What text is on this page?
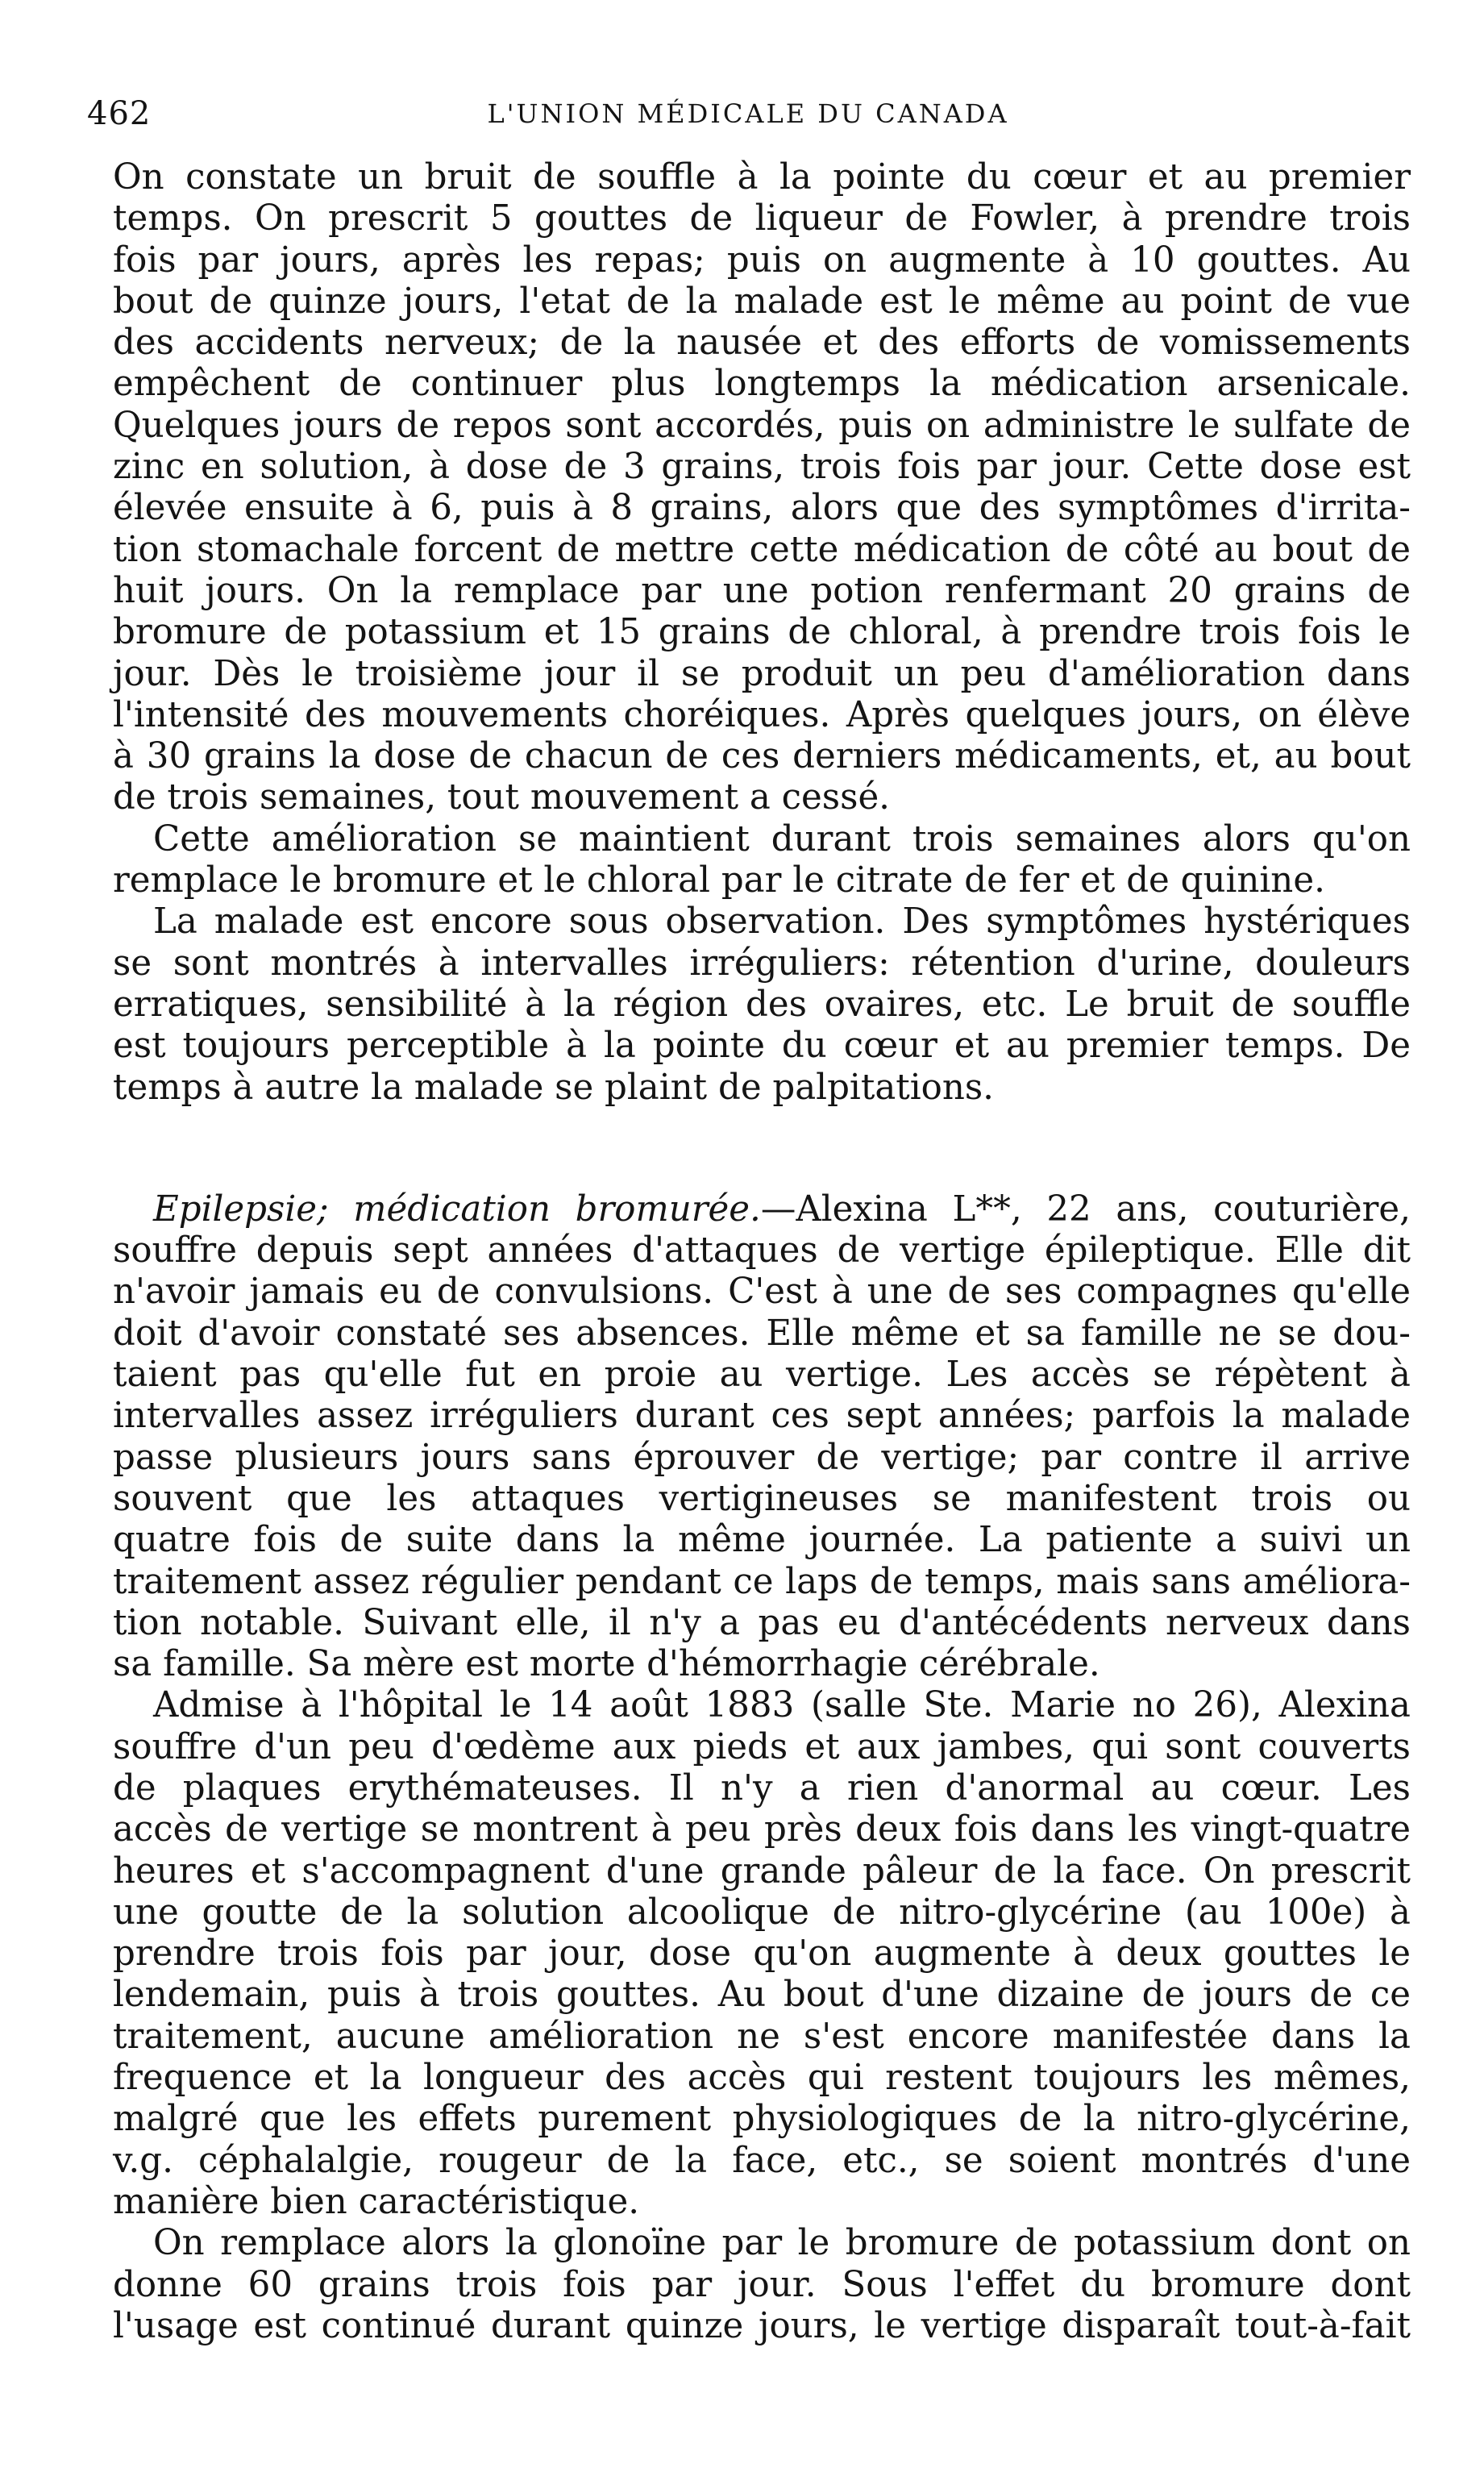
462	L'UNION MÉDICALE DU CANADA
On constate un bruit de souffle à la pointe du cœur et au premier
temps. On prescrit 5 gouttes de liqueur de Fowler, à prendre trois
fois par jours, après les repas; puis on augmente à 10 gouttes. Au
bout de quinze jours, l'etat de la malade est le même au point de vue
des accidents nerveux; de la nausée et des efforts de vomissements
empêchent de continuer plus longtemps la médication arsenicale.
Quelques jours de repos sont accordés, puis on administre le sulfate de
zinc en solution, à dose de 3 grains, trois fois par jour. Cette dose est
élevée ensuite à 6, puis à 8 grains, alors que des symptômes d'irrita-
tion stomachale forcent de mettre cette médication de côté au bout de
huit jours. On la remplace par une potion renfermant 20 grains de
bromure de potassium et 15 grains de chloral, à prendre trois fois le
jour. Dès le troisième jour il se produit un peu d'amélioration dans
l'intensité des mouvements choréiques. Après quelques jours, on élève
à 30 grains la dose de chacun de ces derniers médicaments, et, au bout
de trois semaines, tout mouvement a cessé.
Cette amélioration se maintient durant trois semaines alors qu'on
remplace le bromure et le chloral par le citrate de fer et de quinine.
La malade est encore sous observation. Des symptômes hystériques
se sont montrés à intervalles irréguliers: rétention d'urine, douleurs
erratiques, sensibilité à la région des ovaires, etc. Le bruit de souffle
est toujours perceptible à la pointe du cœur et au premier temps. De
temps à autre la malade se plaint de palpitations.
Epilepsie; médication bromurée.—Alexina L**, 22 ans, couturière,
souffre depuis sept années d'attaques de vertige épileptique. Elle dit
n'avoir jamais eu de convulsions. C'est à une de ses compagnes qu'elle
doit d'avoir constaté ses absences. Elle même et sa famille ne se dou-
taient pas qu'elle fut en proie au vertige. Les accès se répètent à
intervalles assez irréguliers durant ces sept années; parfois la malade
passe plusieurs jours sans éprouver de vertige; par contre il arrive
souvent que les attaques vertigineuses se manifestent trois ou
quatre fois de suite dans la même journée. La patiente a suivi un
traitement assez régulier pendant ce laps de temps, mais sans améliora-
tion notable. Suivant elle, il n'y a pas eu d'antécédents nerveux dans
sa famille. Sa mère est morte d'hémorrhagie cérébrale.
Admise à l'hôpital le 14 août 1883 (salle Ste. Marie no 26), Alexina
souffre d'un peu d'œdème aux pieds et aux jambes, qui sont couverts
de plaques erythémateuses. Il n'y a rien d'anormal au cœur. Les
accès de vertige se montrent à peu près deux fois dans les vingt-quatre
heures et s'accompagnent d'une grande pâleur de la face. On prescrit
une goutte de la solution alcoolique de nitro-glycérine (au 100e) à
prendre trois fois par jour, dose qu'on augmente à deux gouttes le
lendemain, puis à trois gouttes. Au bout d'une dizaine de jours de ce
traitement, aucune amélioration ne s'est encore manifestée dans la
frequence et la longueur des accès qui restent toujours les mêmes,
malgré que les effets purement physiologiques de la nitro-glycérine,
v.g. céphalalgie, rougeur de la face, etc., se soient montrés d'une
manière bien caractéristique.
On remplace alors la glonoïne par le bromure de potassium dont on
donne 60 grains trois fois par jour. Sous l'effet du bromure dont
l'usage est continué durant quinze jours, le vertige disparaît tout-à-fait
